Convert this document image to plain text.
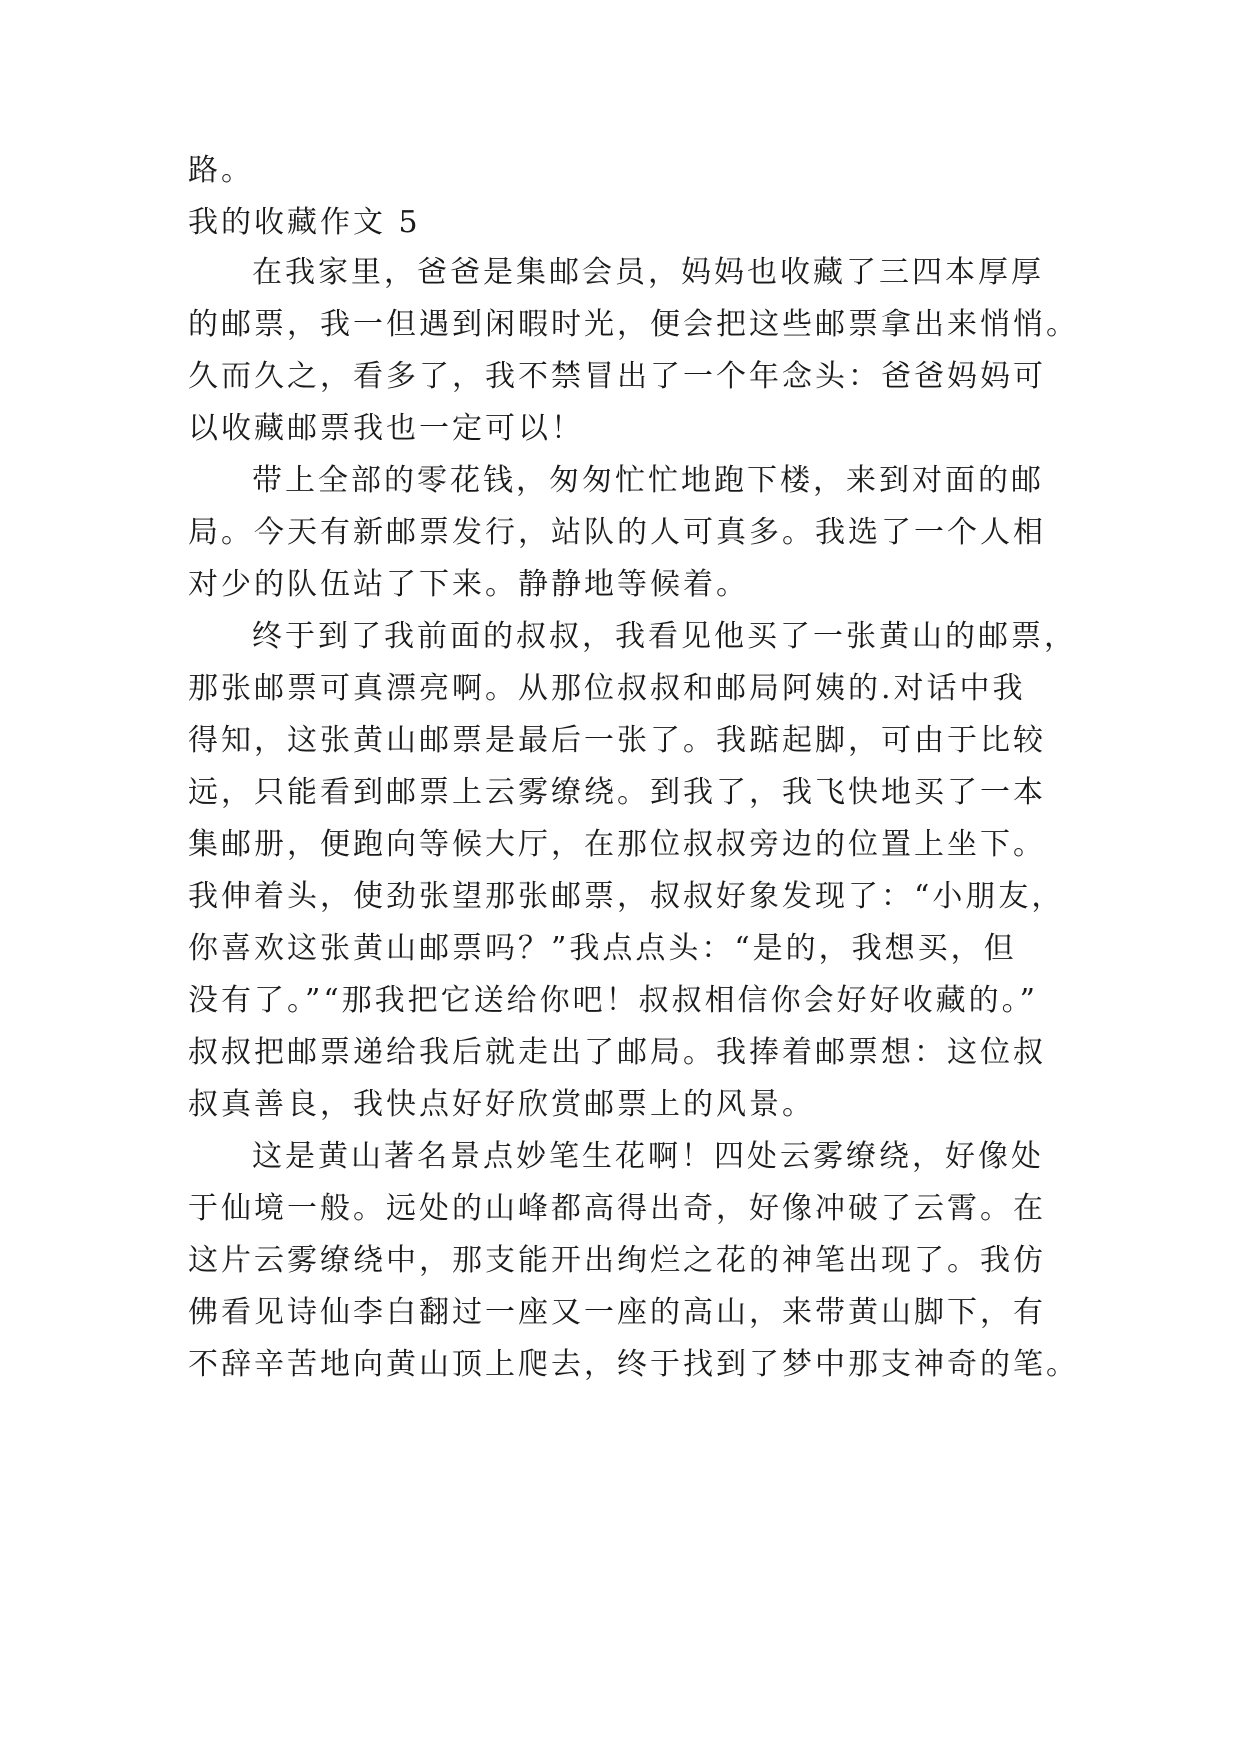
路。
我的收藏作文 5
在我家里，爸爸是集邮会员，妈妈也收藏了三四本厚厚
的邮票，我一但遇到闲暇时光，便会把这些邮票拿出来悄悄。
久而久之，看多了，我不禁冒出了一个年念头：爸爸妈妈可
以收藏邮票我也一定可以！
带上全部的零花钱，匆匆忙忙地跑下楼，来到对面的邮
局。今天有新邮票发行，站队的人可真多。我选了一个人相
对少的队伍站了下来。静静地等候着。
终于到了我前面的叔叔，我看见他买了一张黄山的邮票，
那张邮票可真漂亮啊。从那位叔叔和邮局阿姨的.对话中我
得知，这张黄山邮票是最后一张了。我踮起脚，可由于比较
远，只能看到邮票上云雾缭绕。到我了，我飞快地买了一本
集邮册，便跑向等候大厅，在那位叔叔旁边的位置上坐下。
我伸着头，使劲张望那张邮票，叔叔好象发现了：“小朋友，
你喜欢这张黄山邮票吗？”我点点头：“是的，我想买，但
没有了。”“那我把它送给你吧！叔叔相信你会好好收藏的。”
叔叔把邮票递给我后就走出了邮局。我捧着邮票想：这位叔
叔真善良，我快点好好欣赏邮票上的风景。
这是黄山著名景点妙笔生花啊！四处云雾缭绕，好像处
于仙境一般。远处的山峰都高得出奇，好像冲破了云霄。在
这片云雾缭绕中，那支能开出绚烂之花的神笔出现了。我仿
佛看见诗仙李白翻过一座又一座的高山，来带黄山脚下，有
不辞辛苦地向黄山顶上爬去，终于找到了梦中那支神奇的笔。
